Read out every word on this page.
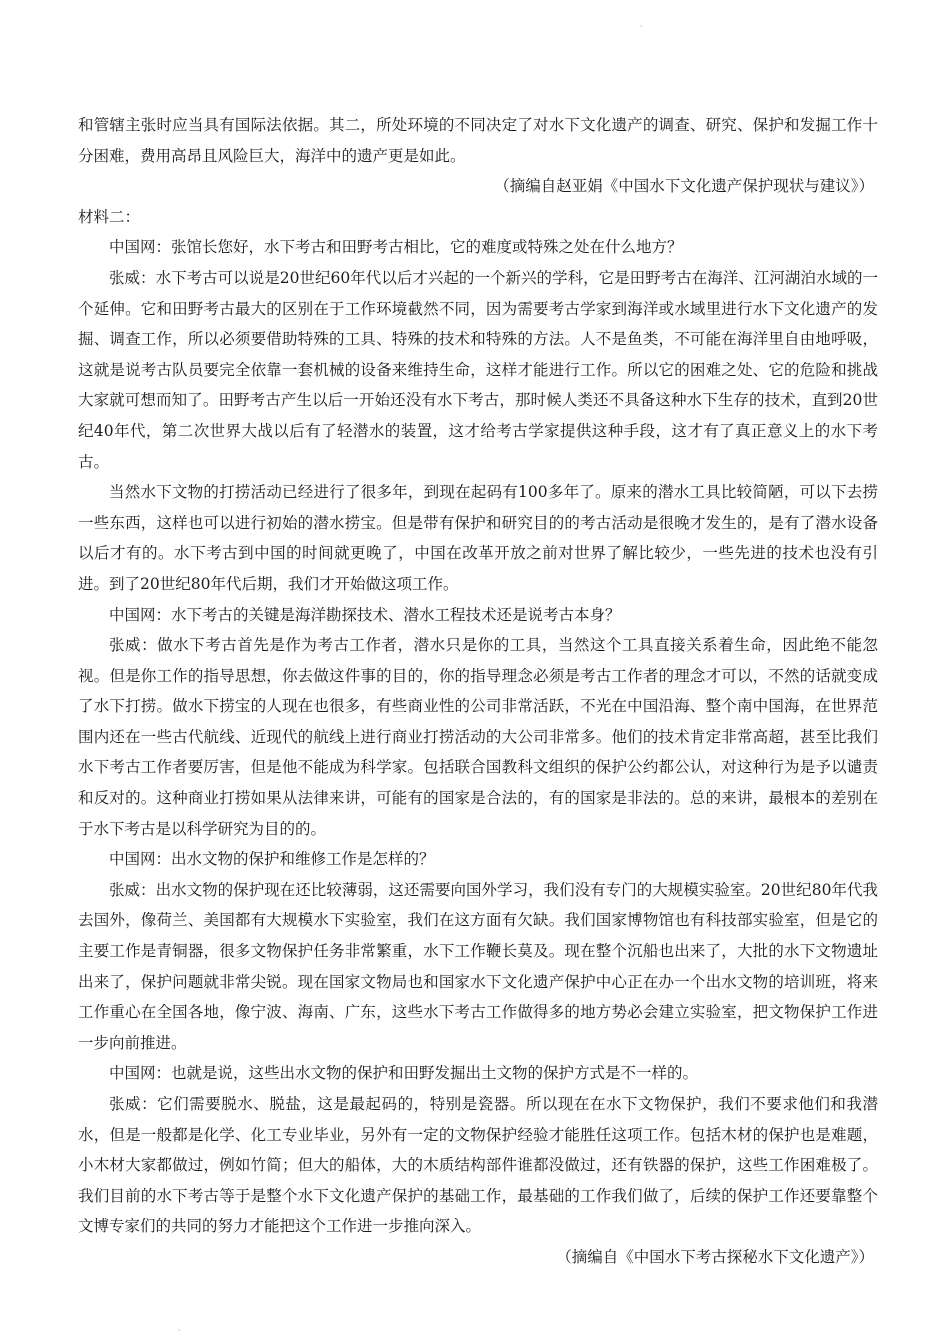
·

和管辖主张时应当具有国际法依据。其二，所处环境的不同决定了对水下文化遗产的调查、研究、保护和发掘工作十分困难，费用高昂且风险巨大，海洋中的遗产更是如此。

（摘编自赵亚娟《中国水下文化遗产保护现状与建议》）

材料二：

中国网：张馆长您好，水下考古和田野考古相比，它的难度或特殊之处在什么地方？

张威：水下考古可以说是20世纪60年代以后才兴起的一个新兴的学科，它是田野考古在海洋、江河湖泊水域的一个延伸。它和田野考古最大的区别在于工作环境截然不同，因为需要考古学家到海洋或水域里进行水下文化遗产的发掘、调查工作，所以必须要借助特殊的工具、特殊的技术和特殊的方法。人不是鱼类，不可能在海洋里自由地呼吸，这就是说考古队员要完全依靠一套机械的设备来维持生命，这样才能进行工作。所以它的困难之处、它的危险和挑战大家就可想而知了。田野考古产生以后一开始还没有水下考古，那时候人类还不具备这种水下生存的技术，直到20世纪40年代，第二次世界大战以后有了轻潜水的装置，这才给考古学家提供这种手段，这才有了真正意义上的水下考古。

当然水下文物的打捞活动已经进行了很多年，到现在起码有100多年了。原来的潜水工具比较简陋，可以下去捞一些东西，这样也可以进行初始的潜水捞宝。但是带有保护和研究目的的考古活动是很晚才发生的，是有了潜水设备以后才有的。水下考古到中国的时间就更晚了，中国在改革开放之前对世界了解比较少，一些先进的技术也没有引进。到了20世纪80年代后期，我们才开始做这项工作。

中国网：水下考古的关键是海洋勘探技术、潜水工程技术还是说考古本身？

张威：做水下考古首先是作为考古工作者，潜水只是你的工具，当然这个工具直接关系着生命，因此绝不能忽视。但是你工作的指导思想，你去做这件事的目的，你的指导理念必须是考古工作者的理念才可以，不然的话就变成了水下打捞。做水下捞宝的人现在也很多，有些商业性的公司非常活跃，不光在中国沿海、整个南中国海，在世界范围内还在一些古代航线、近现代的航线上进行商业打捞活动的大公司非常多。他们的技术肯定非常高超，甚至比我们水下考古工作者要厉害，但是他不能成为科学家。包括联合国教科文组织的保护公约都公认，对这种行为是予以谴责和反对的。这种商业打捞如果从法律来讲，可能有的国家是合法的，有的国家是非法的。总的来讲，最根本的差别在于水下考古是以科学研究为目的的。

中国网：出水文物的保护和维修工作是怎样的？

张威：出水文物的保护现在还比较薄弱，这还需要向国外学习，我们没有专门的大规模实验室。20世纪80年代我去国外，像荷兰、美国都有大规模水下实验室，我们在这方面有欠缺。我们国家博物馆也有科技部实验室，但是它的主要工作是青铜器，很多文物保护任务非常繁重，水下工作鞭长莫及。现在整个沉船也出来了，大批的水下文物遗址出来了，保护问题就非常尖锐。现在国家文物局也和国家水下文化遗产保护中心正在办一个出水文物的培训班，将来工作重心在全国各地，像宁波、海南、广东，这些水下考古工作做得多的地方势必会建立实验室，把文物保护工作进一步向前推进。

中国网：也就是说，这些出水文物的保护和田野发掘出土文物的保护方式是不一样的。

张威：它们需要脱水、脱盐，这是最起码的，特别是瓷器。所以现在在水下文物保护，我们不要求他们和我潜水，但是一般都是化学、化工专业毕业，另外有一定的文物保护经验才能胜任这项工作。包括木材的保护也是难题，小木材大家都做过，例如竹简；但大的船体，大的木质结构部件谁都没做过，还有铁器的保护，这些工作困难极了。我们目前的水下考古等于是整个水下文化遗产保护的基础工作，最基础的工作我们做了，后续的保护工作还要靠整个文博专家们的共同的努力才能把这个工作进一步推向深入。

（摘编自《中国水下考古探秘水下文化遗产》）

·
